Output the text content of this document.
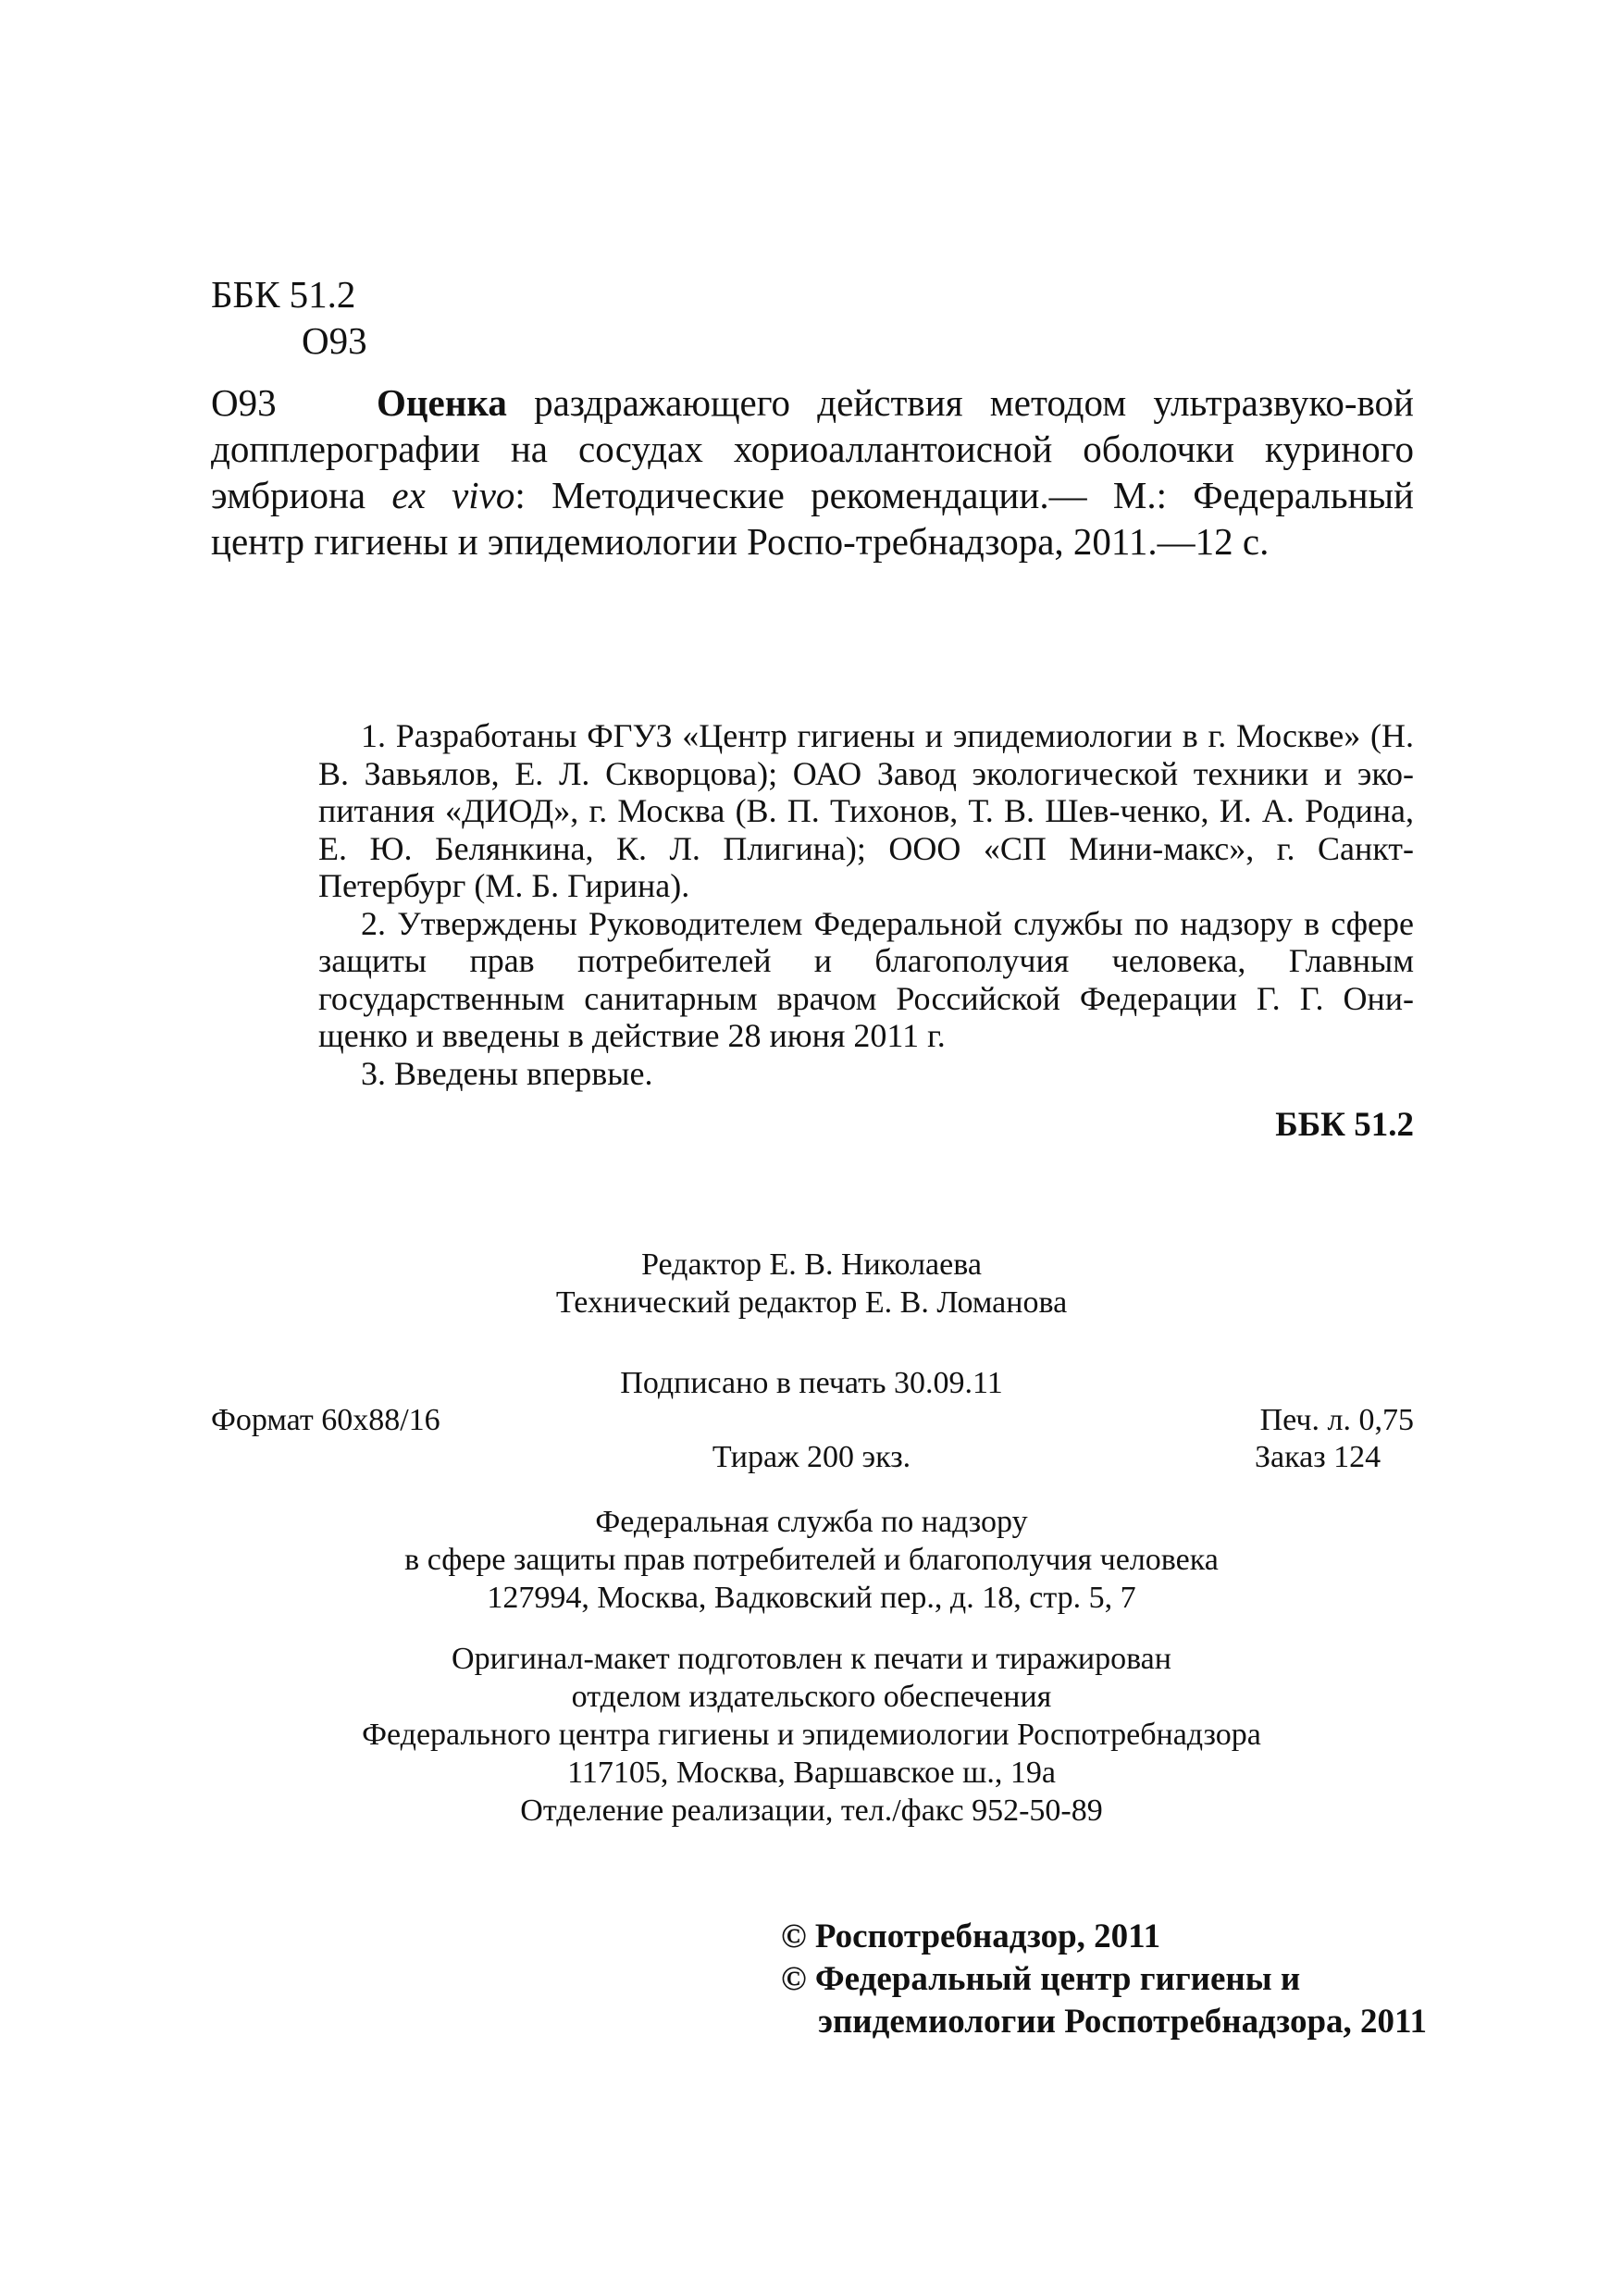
ББК 51.2
О93
О93	Оценка раздражающего действия методом ультразвуко-вой допплерографии на сосудах хориоаллантоисной оболочки куриного эмбриона ex vivo: Методические рекомендации.— М.: Федеральный центр гигиены и эпидемиологии Роспо-требнадзора, 2011.—12 с.

1. Разработаны ФГУЗ «Центр гигиены и эпидемиологии в г. Москве» (Н. В. Завьялов, Е. Л. Скворцова); ОАО Завод экологической техники и эко-питания «ДИОД», г. Москва (В. П. Тихонов, Т. В. Шев-ченко, И. А. Родина, Е. Ю. Белянкина, К. Л. Плигина); ООО «СП Мини-макс», г. Санкт-Петербург (М. Б. Гирина).

2. Утверждены Руководителем Федеральной службы по надзору в сфере защиты прав потребителей и благополучия человека, Главным государственным санитарным врачом Российской Федерации Г. Г. Они-щенко и введены в действие 28 июня 2011 г.

3. Введены впервые.

ББК 51.2
Редактор Е. В. Николаева
Технический редактор Е. В. Ломанова
Подписано в печать 30.09.11
Формат 60х88/16	Печ. л. 0,75
Тираж 200 экз.	Заказ 124
Федеральная служба по надзору
в сфере защиты прав потребителей и благополучия человека
127994, Москва, Вадковский пер., д. 18, стр. 5, 7
Оригинал-макет подготовлен к печати и тиражирован
отделом издательского обеспечения
Федерального центра гигиены и эпидемиологии Роспотребнадзора
117105, Москва, Варшавское ш., 19а
Отделение реализации, тел./факс 952-50-89
© Роспотребнадзор, 2011
© Федеральный центр гигиены и
эпидемиологии Роспотребнадзора, 2011
